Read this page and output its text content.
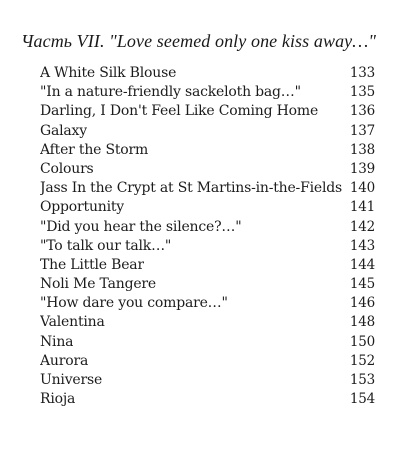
Часть VII. "Love seemed only one kiss away…"
A White Silk Blouse	133
"In a nature-friendly sackeloth bag…"	135
Darling, I Don't Feel Like Coming Home 136
Galaxy	137
After the Storm	138
Colours	139
Jass In the Crypt at St Martins-in-the-Fields 140
Opportunity	141
"Did you hear the silence?…"	142
"To talk our talk…"	143
The Little Bear	144
Noli Me Tangere	145
"How dare you compare…"	146
Valentina	148
Nina	150
Aurora	152
Universe	153
Rioja	154
